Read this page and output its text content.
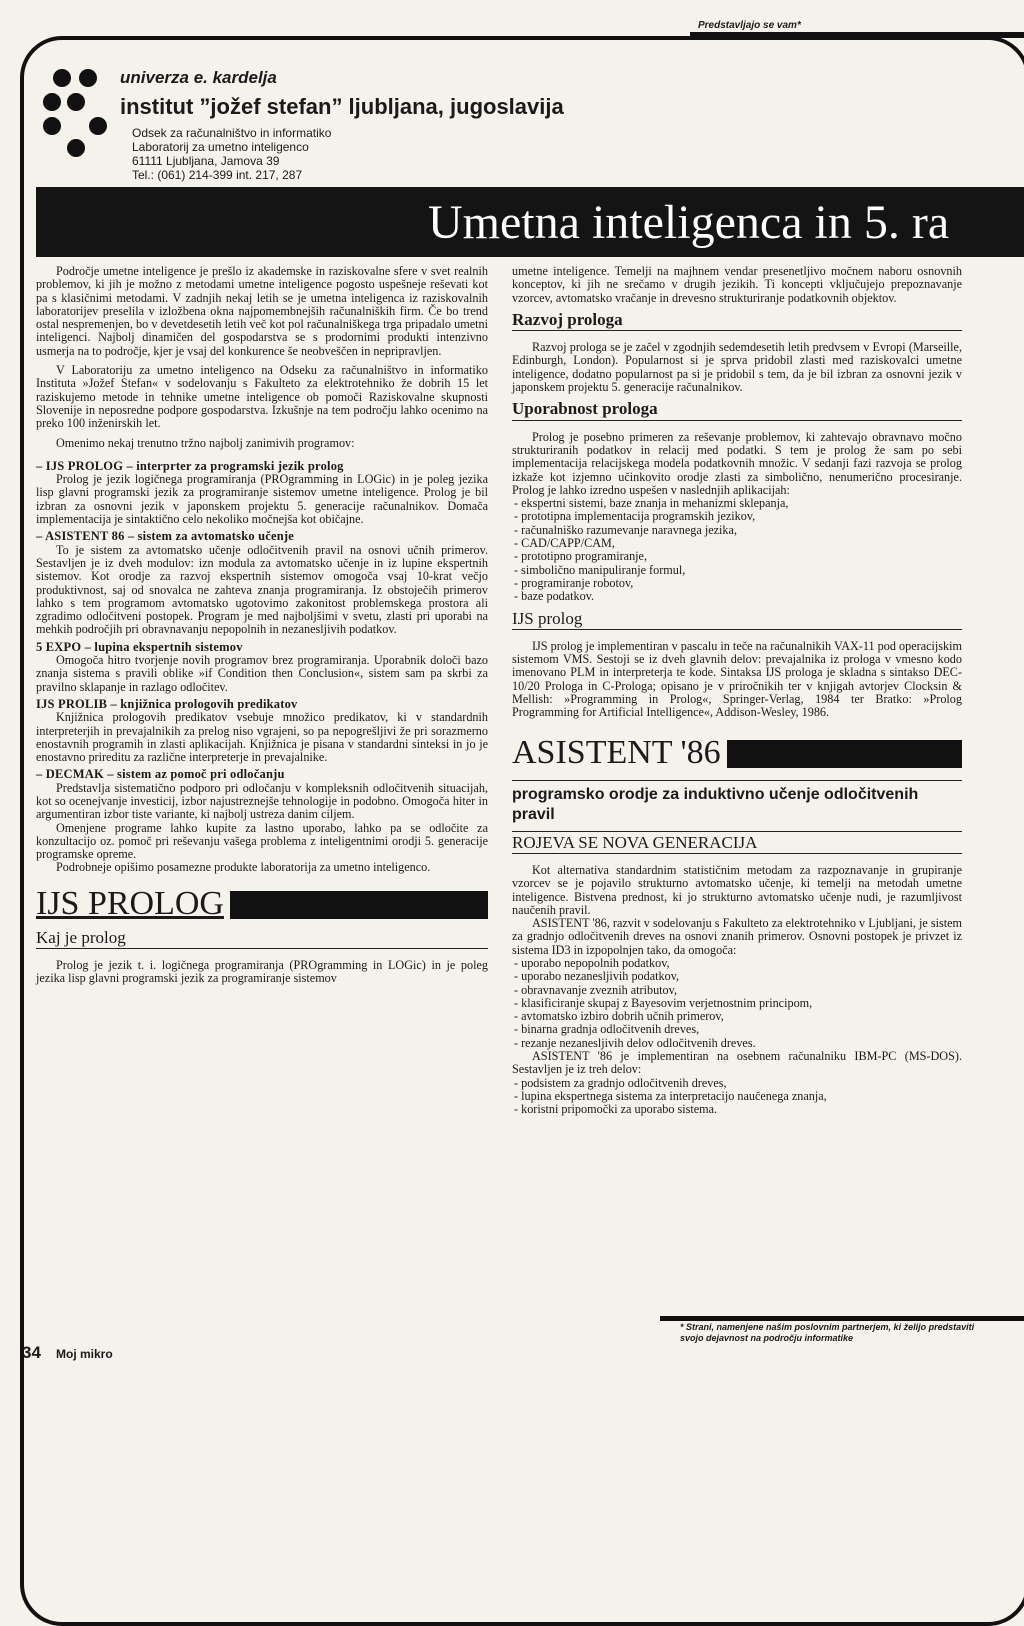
Predstavljajo se vam*
univerza e. kardelja
institut ”jožef stefan” ljubljana, jugoslavija
Odsek za računalništvo in informatiko
Laboratorij za umetno inteligenco
61111 Ljubljana, Jamova 39
Tel.: (061) 214-399 int. 217, 287
Umetna inteligenca in 5. ra

Področje umetne inteligence je prešlo iz akademske in raziskovalne sfere v svet realnih problemov, ki jih je možno z metodami umetne inteligence pogosto uspešneje reševati kot pa s klasičnimi metodami. V zadnjih nekaj letih se je umetna inteligenca iz raziskovalnih laboratorijev preselila v izložbena okna najpomembnejših računalniških firm. Če bo trend ostal nespremenjen, bo v devetdesetih letih več kot pol računalniškega trga pripadalo umetni inteligenci. Najbolj dinamičen del gospodarstva se s prodornimi produkti intenzivno usmerja na to področje, kjer je vsaj del konkurence še neobveščen in nepripravljen.

V Laboratoriju za umetno inteligenco na Odseku za računalništvo in informatiko Instituta »Jožef Stefan« v sodelovanju s Fakulteto za elektrotehniko že dobrih 15 let raziskujemo metode in tehnike umetne inteligence ob pomoči Raziskovalne skupnosti Slovenije in neposredne podpore gospodarstva. Izkušnje na tem področju lahko ocenimo na preko 100 inženirskih let.

Omenimo nekaj trenutno tržno najbolj zanimivih programov:

– IJS PROLOG – interprter za programski jezik prolog

Prolog je jezik logičnega programiranja (PROgramming in LOGic) in je poleg jezika lisp glavni programski jezik za programiranje sistemov umetne inteligence. Prolog je bil izbran za osnovni jezik v japonskem projektu 5. generacije računalnikov. Domača implementacija je sintaktično celo nekoliko močnejša kot običajne.

– ASISTENT 86 – sistem za avtomatsko učenje

To je sistem za avtomatsko učenje odločitvenih pravil na osnovi učnih primerov. Sestavljen je iz dveh modulov: izn modula za avtomatsko učenje in iz lupine ekspertnih sistemov. Kot orodje za razvoj ekspertnih sistemov omogoča vsaj 10-krat večjo produktivnost, saj od snovalca ne zahteva znanja programiranja. Iz obstoječih primerov lahko s tem programom avtomatsko ugotovimo zakonitost problemskega prostora ali zgradimo odločitveni postopek. Program je med najboljšimi v svetu, zlasti pri uporabi na mehkih področjih pri obravnavanju nepopolnih in nezanesljivih podatkov.

5 EXPO – lupina ekspertnih sistemov

Omogoča hitro tvorjenje novih programov brez programiranja. Uporabnik določi bazo znanja sistema s pravili oblike »if Condition then Conclusion«, sistem sam pa skrbi za pravilno sklapanje in razlago odločitev.

IJS PROLIB – knjižnica prologovih predikatov

Knjižnica prologovih predikatov vsebuje množico predikatov, ki v standardnih interpreterjih in prevajalnikih za prelog niso vgrajeni, so pa nepogrešljivi že pri sorazmerno enostavnih programih in zlasti aplikacijah. Knjižnica je pisana v standardni sinteksi in jo je enostavno prireditu za različne interpreterje in prevajalnike.

– DECMAK – sistem az pomoč pri odločanju

Predstavlja sistematično podporo pri odločanju v kompleksnih odločitvenih situacijah, kot so ocenejvanje investicij, izbor najustreznejše tehnologije in podobno. Omogoča hiter in argumentiran izbor tiste variante, ki najbolj ustreza danim ciljem.

Omenjene programe lahko kupite za lastno uporabo, lahko pa se odločite za konzultacijo oz. pomoč pri reševanju vašega problema z inteligentnimi orodji 5. generacije programske opreme.

Podrobneje opišimo posamezne produkte laboratorija za umetno inteligenco.

IJS PROLOG
Kaj je prolog

Prolog je jezik t. i. logičnega programiranja (PROgramming in LOGic) in je poleg jezika lisp glavni programski jezik za programiranje sistemov

umetne inteligence. Temelji na majhnem vendar presenetljivo močnem naboru osnovnih konceptov, ki jih ne srečamo v drugih jezikih. Ti koncepti vključujejo prepoznavanje vzorcev, avtomatsko vračanje in drevesno strukturiranje podatkovnih objektov.

Razvoj prologa

Razvoj prologa se je začel v zgodnjih sedemdesetih letih predvsem v Evropi (Marseille, Edinburgh, London). Popularnost si je sprva pridobil zlasti med raziskovalci umetne inteligence, dodatno popularnost pa si je pridobil s tem, da je bil izbran za osnovni jezik v japonskem projektu 5. generacije računalnikov.

Uporabnost prologa

Prolog je posebno primeren za reševanje problemov, ki zahtevajo obravnavo močno strukturiranih podatkov in relacij med podatki. S tem je prolog že sam po sebi implementacija relacijskega modela podatkovnih množic. V sedanji fazi razvoja se prolog izkaže kot izjemno učinkovito orodje zlasti za simbolično, nenumerično procesiranje. Prolog je lahko izredno uspešen v naslednjih aplikacijah:

- ekspertni sistemi, baze znanja in mehanizmi sklepanja,
- prototipna implementacija programskih jezikov,
- računalniško razumevanje naravnega jezika,
- CAD/CAPP/CAM,
- prototipno programiranje,
- simbolično manipuliranje formul,
- programiranje robotov,
- baze podatkov.
IJS prolog

IJS prolog je implementiran v pascalu in teče na računalnikih VAX-11 pod operacijskim sistemom VMS. Sestoji se iz dveh glavnih delov: prevajalnika iz prologa v vmesno kodo imenovano PLM in interpreterja te kode. Sintaksa IJS prologa je skladna s sintakso DEC-10/20 Prologa in C-Prologa; opisano je v priročnikih ter v knjigah avtorjev Clocksin & Mellish: »Programming in Prolog«, Springer-Verlag, 1984 ter Bratko: »Prolog Programming for Artificial Intelligence«, Addison-Wesley, 1986.

ASISTENT '86
programsko orodje za induktivno učenje odločitvenih pravil
ROJEVA SE NOVA GENERACIJA

Kot alternativa standardnim statističnim metodam za razpoznavanje in grupiranje vzorcev se je pojavilo strukturno avtomatsko učenje, ki temelji na metodah umetne inteligence. Bistvena prednost, ki jo strukturno avtomatsko učenje nudi, je razumljivost naučenih pravil.

ASISTENT '86, razvit v sodelovanju s Fakulteto za elektrotehniko v Ljubljani, je sistem za gradnjo odločitvenih dreves na osnovi znanih primerov. Osnovni postopek je privzet iz sistema ID3 in izpopolnjen tako, da omogoča:

- uporabo nepopolnih podatkov,
- uporabo nezanesljivih podatkov,
- obravnavanje zveznih atributov,
- klasificiranje skupaj z Bayesovim verjetnostnim principom,
- avtomatsko izbiro dobrih učnih primerov,
- binarna gradnja odločitvenih dreves,
- rezanje nezanesljivih delov odločitvenih dreves.

ASISTENT '86 je implementiran na osebnem računalniku IBM-PC (MS-DOS). Sestavljen je iz treh delov:

- podsistem za gradnjo odločitvenih dreves,
- lupina ekspertnega sistema za interpretacijo naučenega znanja,
- koristni pripomočki za uporabo sistema.
* Strani, namenjene našim poslovnim partnerjem, ki želijo predstaviti svojo dejavnost na področju informatike
34 Moj mikro
